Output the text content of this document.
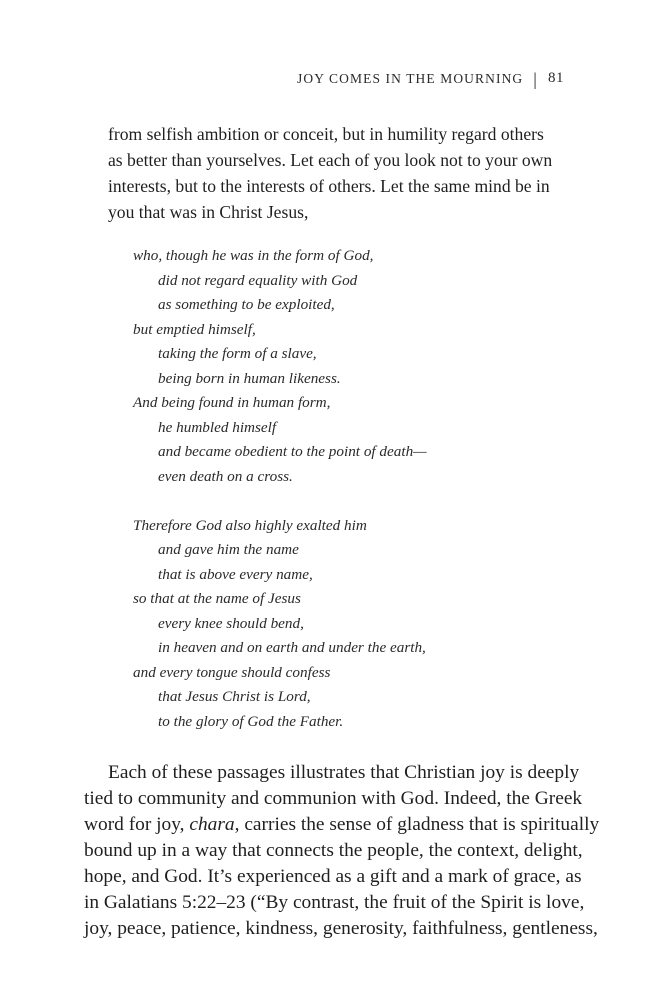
JOY COMES IN THE MOURNING | 81

from selfish ambition or conceit, but in humility regard others
as better than yourselves. Let each of you look not to your own
interests, but to the interests of others. Let the same mind be in
you that was in Christ Jesus,

who, though he was in the form of God,
did not regard equality with God
as something to be exploited,
but emptied himself,
taking the form of a slave,
being born in human likeness.
And being found in human form,
he humbled himself
and became obedient to the point of death—
even death on a cross.
Therefore God also highly exalted him
and gave him the name
that is above every name,
so that at the name of Jesus
every knee should bend,
in heaven and on earth and under the earth,
and every tongue should confess
that Jesus Christ is Lord,
to the glory of God the Father.

Each of these passages illustrates that Christian joy is deeply
tied to community and communion with God. Indeed, the Greek
word for joy, chara, carries the sense of gladness that is spiritually
bound up in a way that connects the people, the context, delight,
hope, and God. It’s experienced as a gift and a mark of grace, as
in Galatians 5:22–23 (“By contrast, the fruit of the Spirit is love,
joy, peace, patience, kindness, generosity, faithfulness, gentleness,
